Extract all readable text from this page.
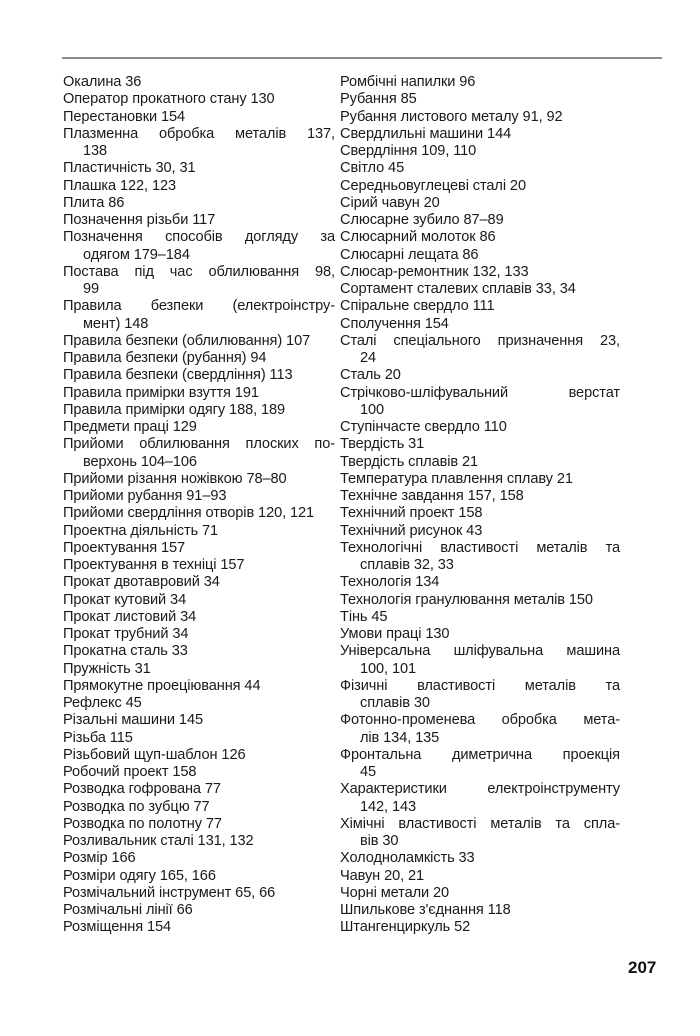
Окалина 36
Оператор прокатного стану 130
Перестановки 154
Плазменна обробка металів 137,
138
Пластичність 30, 31
Плашка 122, 123
Плита 86
Позначення різьби 117
Позначення способів догляду за
одягом 179–184
Постава під час облилювання 98,
99
Правила безпеки (електроінстру-
мент) 148
Правила безпеки (облилювання) 107
Правила безпеки (рубання) 94
Правила безпеки (свердління) 113
Правила примірки взуття 191
Правила примірки одягу 188, 189
Предмети праці 129
Прийоми облилювання плоских по-
верхонь 104–106
Прийоми різання ножівкою 78–80
Прийоми рубання 91–93
Прийоми свердління отворів 120, 121
Проектна діяльність 71
Проектування 157
Проектування в техніці 157
Прокат двотавровий 34
Прокат кутовий 34
Прокат листовий 34
Прокат трубний 34
Прокатна сталь 33
Пружність 31
Прямокутне проеціювання 44
Рефлекс 45
Різальні машини 145
Різьба 115
Різьбовий щуп-шаблон 126
Робочий проект 158
Розводка гофрована 77
Розводка по зубцю 77
Розводка по полотну 77
Розливальник сталі 131, 132
Розмір 166
Розміри одягу 165, 166
Розмічальний інструмент 65, 66
Розмічальні лінії 66
Розміщення 154
Ромбічні напилки 96
Рубання 85
Рубання листового металу 91, 92
Свердлильні машини 144
Свердління 109, 110
Світло 45
Середньовуглецеві сталі 20
Сірий чавун 20
Слюсарне зубило 87–89
Слюсарний молоток 86
Слюсарні лещата 86
Слюсар-ремонтник 132, 133
Сортамент сталевих сплавів 33, 34
Спіральне свердло 111
Сполучення 154
Сталі спеціального призначення 23,
24
Сталь 20
Стрічково-шліфувальний верстат
100
Ступінчасте свердло 110
Твердість 31
Твердість сплавів 21
Температура плавлення сплаву 21
Технічне завдання 157, 158
Технічний проект 158
Технічний рисунок 43
Технологічні властивості металів та
сплавів 32, 33
Технологія 134
Технологія гранулювання металів 150
Тінь 45
Умови праці 130
Універсальна шліфувальна машина
100, 101
Фізичні властивості металів та
сплавів 30
Фотонно-променева обробка мета-
лів 134, 135
Фронтальна диметрична проекція
45
Характеристики електроінструменту
142, 143
Хімічні властивості металів та спла-
вів 30
Холодноламкість 33
Чавун 20, 21
Чорні метали 20
Шпилькове з'єднання 118
Штангенциркуль 52
207
